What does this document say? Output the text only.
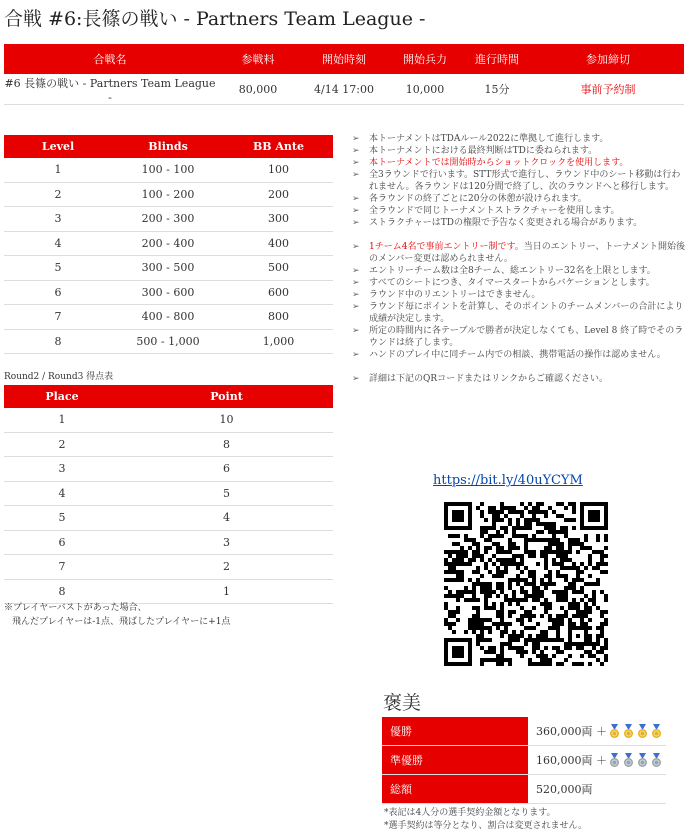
合戦 #6:長篠の戦い - Partners Team League -
合戦名	参戦料	開始時刻	開始兵力	進行時間	参加締切
#6 長篠の戦い - Partners Team League -	80,000	4/14 17:00	10,000	15分	事前予約制
Level	Blinds	BB Ante
1	100 - 100	100
2	100 - 200	200
3	200 - 300	300
4	200 - 400	400
5	300 - 500	500
6	300 - 600	600
7	400 - 800	800
8	500 - 1,000	1,000
Round2 / Round3 得点表
Place	Point
1	10
2	8
3	6
4	5
5	4
6	3
7	2
8	1
※プレイヤーバストがあった場合、
飛んだプレイヤーは-1点、飛ばしたプレイヤーに+1点
➢ 本トーナメントはTDAルール2022に準拠して進行します。
➢ 本トーナメントにおける最終判断はTDに委ねられます。
➢ 本トーナメントでは開始時からショットクロックを使用します。
➢ 全3ラウンドで行います。STT形式で進行し、ラウンド中のシート移動は行われません。各ラウンドは120分間で終了し、次のラウンドへと移行します。
➢ 各ラウンドの終了ごとに20分の休憩が設けられます。
➢ 全ラウンドで同じトーナメントストラクチャーを使用します。
➢ ストラクチャーはTDの権限で予告なく変更される場合があります。
➢ 1チーム4名で事前エントリー制です。当日のエントリー、トーナメント開始後のメンバー変更は認められません。
➢ エントリーチーム数は全8チーム、総エントリー32名を上限とします。
➢ すべてのシートにつき、タイマースタートからバケーションとします。
➢ ラウンド中のリエントリーはできません。
➢ ラウンド毎にポイントを計算し、そのポイントのチームメンバーの合計により成績が決定します。
➢ 所定の時間内に各テーブルで勝者が決定しなくても、Level 8 終了時でそのラウンドは終了します。
➢ ハンドのプレイ中に同チーム内での相談、携帯電話の操作は認めません。
➢ 詳細は下記のQRコードまたはリンクからご確認ください。
https://bit.ly/40uYCYM
褒美
優勝	360,000両 ＋
準優勝	160,000両 ＋
総額	520,000両
*表記は4人分の選手契約金額となります。
*選手契約は等分となり、割合は変更されません。
